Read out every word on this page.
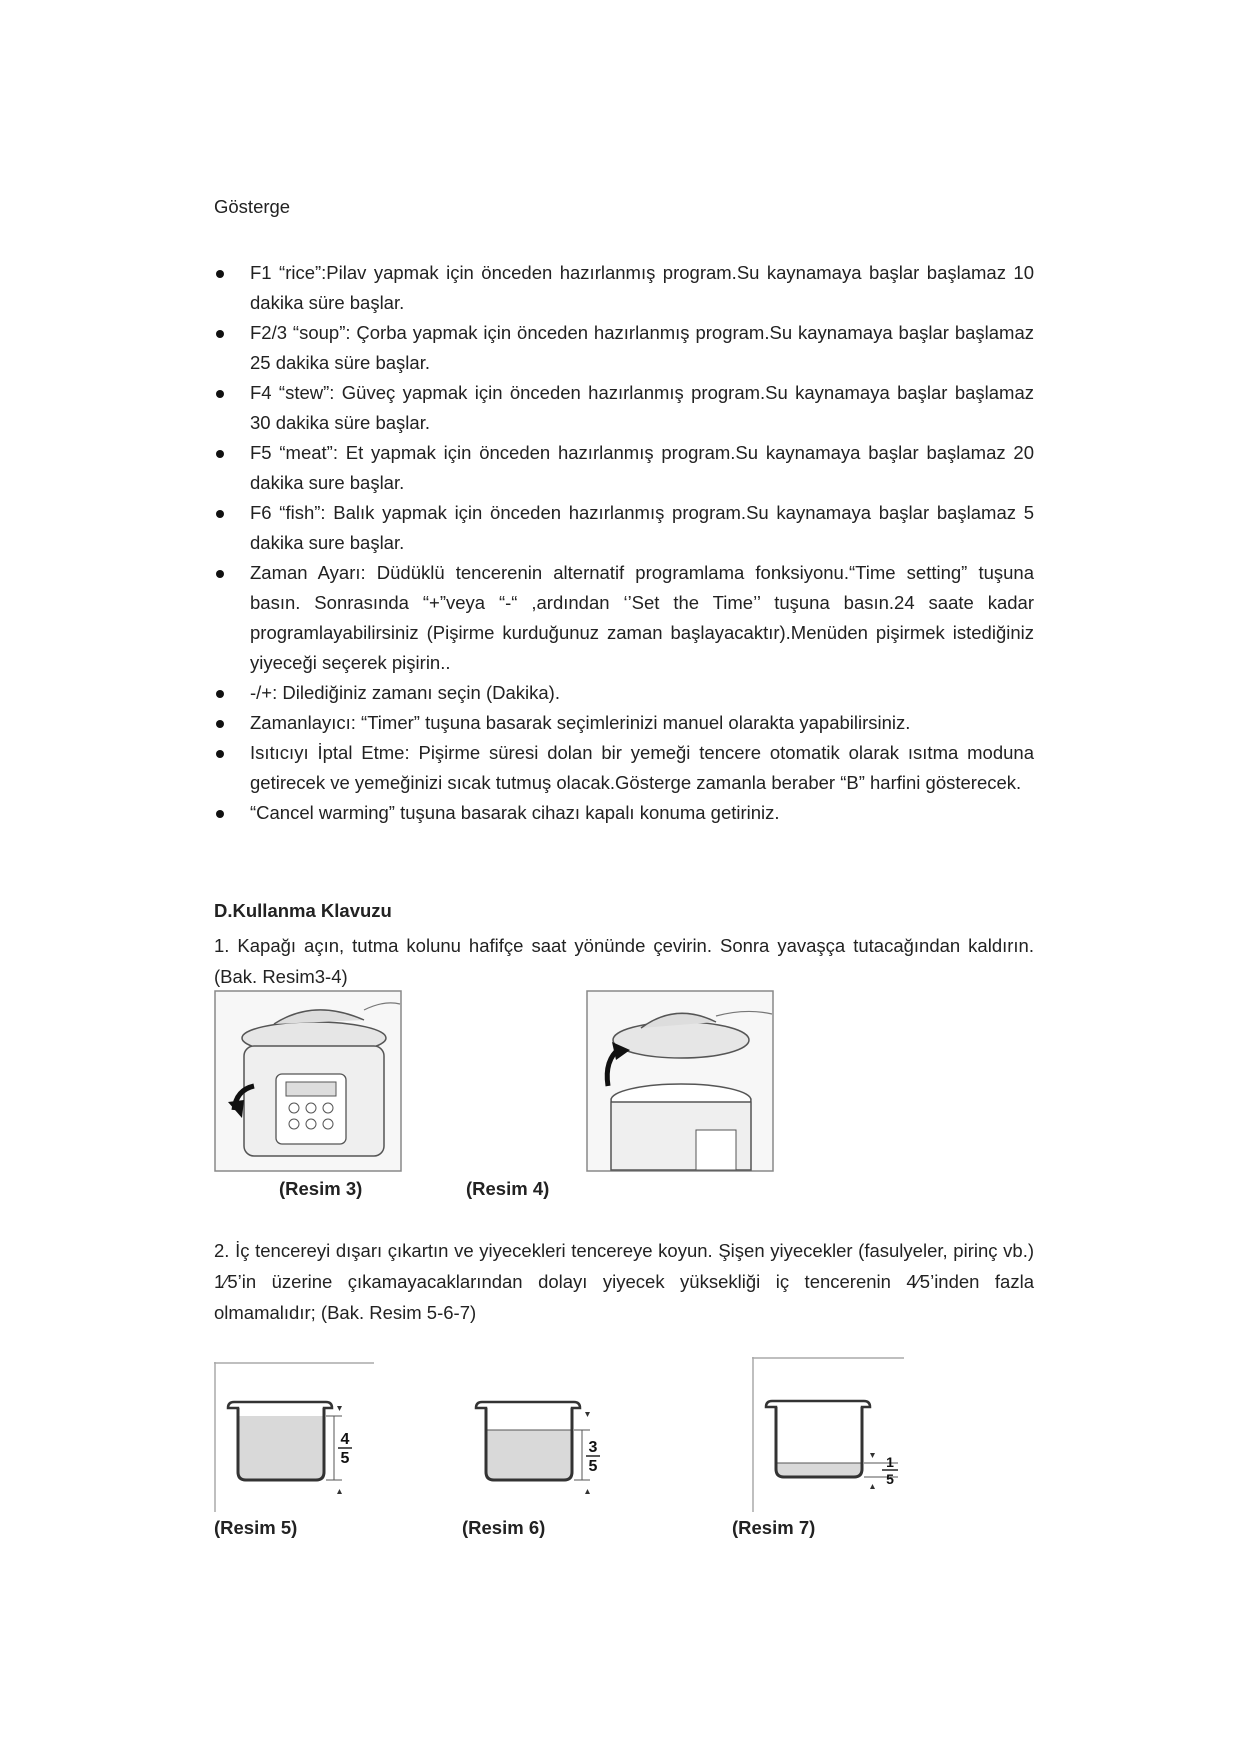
Gösterge
F1 “rice”:Pilav yapmak için önceden hazırlanmış program.Su kaynamaya başlar başlamaz 10 dakika süre başlar.
F2/3 “soup”: Çorba yapmak için önceden hazırlanmış program.Su kaynamaya başlar başlamaz 25 dakika süre başlar.
F4 “stew”: Güveç yapmak için önceden hazırlanmış program.Su kaynamaya başlar başlamaz 30 dakika süre başlar.
F5 “meat”: Et yapmak için önceden hazırlanmış program.Su kaynamaya başlar başlamaz 20 dakika sure başlar.
F6 “fish”: Balık yapmak için önceden hazırlanmış program.Su kaynamaya başlar başlamaz 5 dakika sure başlar.
Zaman Ayarı: Düdüklü tencerenin alternatif programlama fonksiyonu.“Time setting” tuşuna basın. Sonrasında “+”veya “-“ ,ardından ‘’Set the Time’’ tuşuna basın.24 saate kadar programlayabilirsiniz (Pişirme kurduğunuz zaman başlayacaktır).Menüden pişirmek istediğiniz yiyeceği seçerek pişirin..
-/+: Dilediğiniz zamanı seçin (Dakika).
Zamanlayıcı: “Timer” tuşuna basarak seçimlerinizi manuel olarakta yapabilirsiniz.
Isıtıcıyı İptal Etme: Pişirme süresi dolan bir yemeği tencere otomatik olarak ısıtma moduna getirecek ve yemeğinizi sıcak tutmuş olacak.Gösterge zamanla beraber “B” harfini gösterecek.
“Cancel warming” tuşuna basarak cihazı kapalı konuma getiriniz.
D.Kullanma Klavuzu
1. Kapağı açın, tutma kolunu hafifçe saat yönünde çevirin. Sonra yavaşça tutacağından kaldırın. (Bak. Resim3-4)
(Resim 3)	(Resim 4)
2. İç tencereyi dışarı çıkartın ve yiyecekleri tencereye koyun. Şişen yiyecekler (fasulyeler, pirinç vb.) 1⁄5’in üzerine çıkamayacaklarından dolayı yiyecek yüksekliği iç tencerenin 4⁄5’inden fazla olmamalıdır; (Bak. Resim 5-6-7)
4
5
(Resim 5)
3
5
(Resim 6)
1
5
(Resim 7)
